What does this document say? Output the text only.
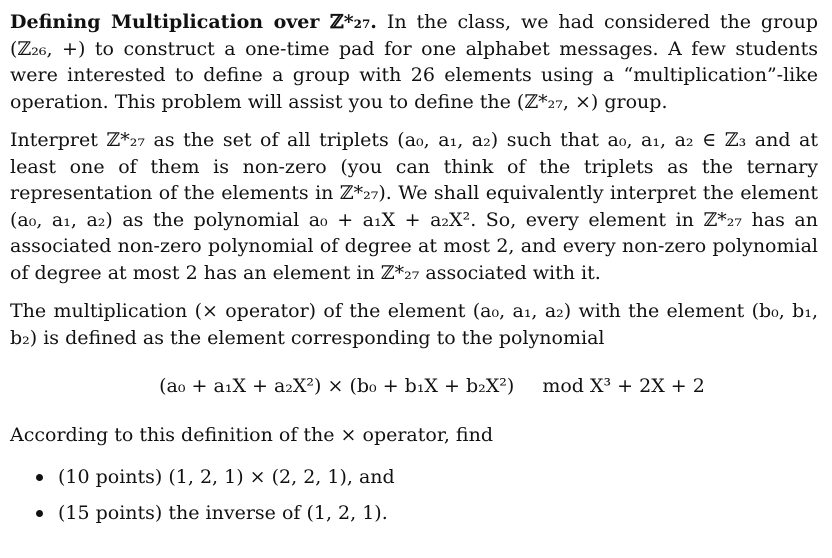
Defining Multiplication over ℤ*₂₇. In the class, we had considered the group (ℤ₂₆, +) to construct a one-time pad for one alphabet messages. A few students were interested to define a group with 26 elements using a “multiplication”-like operation. This problem will assist you to define the (ℤ*₂₇, ×) group.

Interpret ℤ*₂₇ as the set of all triplets (a₀, a₁, a₂) such that a₀, a₁, a₂ ∈ ℤ₃ and at least one of them is non-zero (you can think of the triplets as the ternary representation of the elements in ℤ*₂₇). We shall equivalently interpret the element (a₀, a₁, a₂) as the polynomial a₀ + a₁X + a₂X². So, every element in ℤ*₂₇ has an associated non-zero polynomial of degree at most 2, and every non-zero polynomial of degree at most 2 has an element in ℤ*₂₇ associated with it.

The multiplication (× operator) of the element (a₀, a₁, a₂) with the element (b₀, b₁, b₂) is defined as the element corresponding to the polynomial

(a₀ + a₁X + a₂X²) × (b₀ + b₁X + b₂X²) mod X³ + 2X + 2

According to this definition of the × operator, find

(10 points) (1, 2, 1) × (2, 2, 1), and
(15 points) the inverse of (1, 2, 1).
